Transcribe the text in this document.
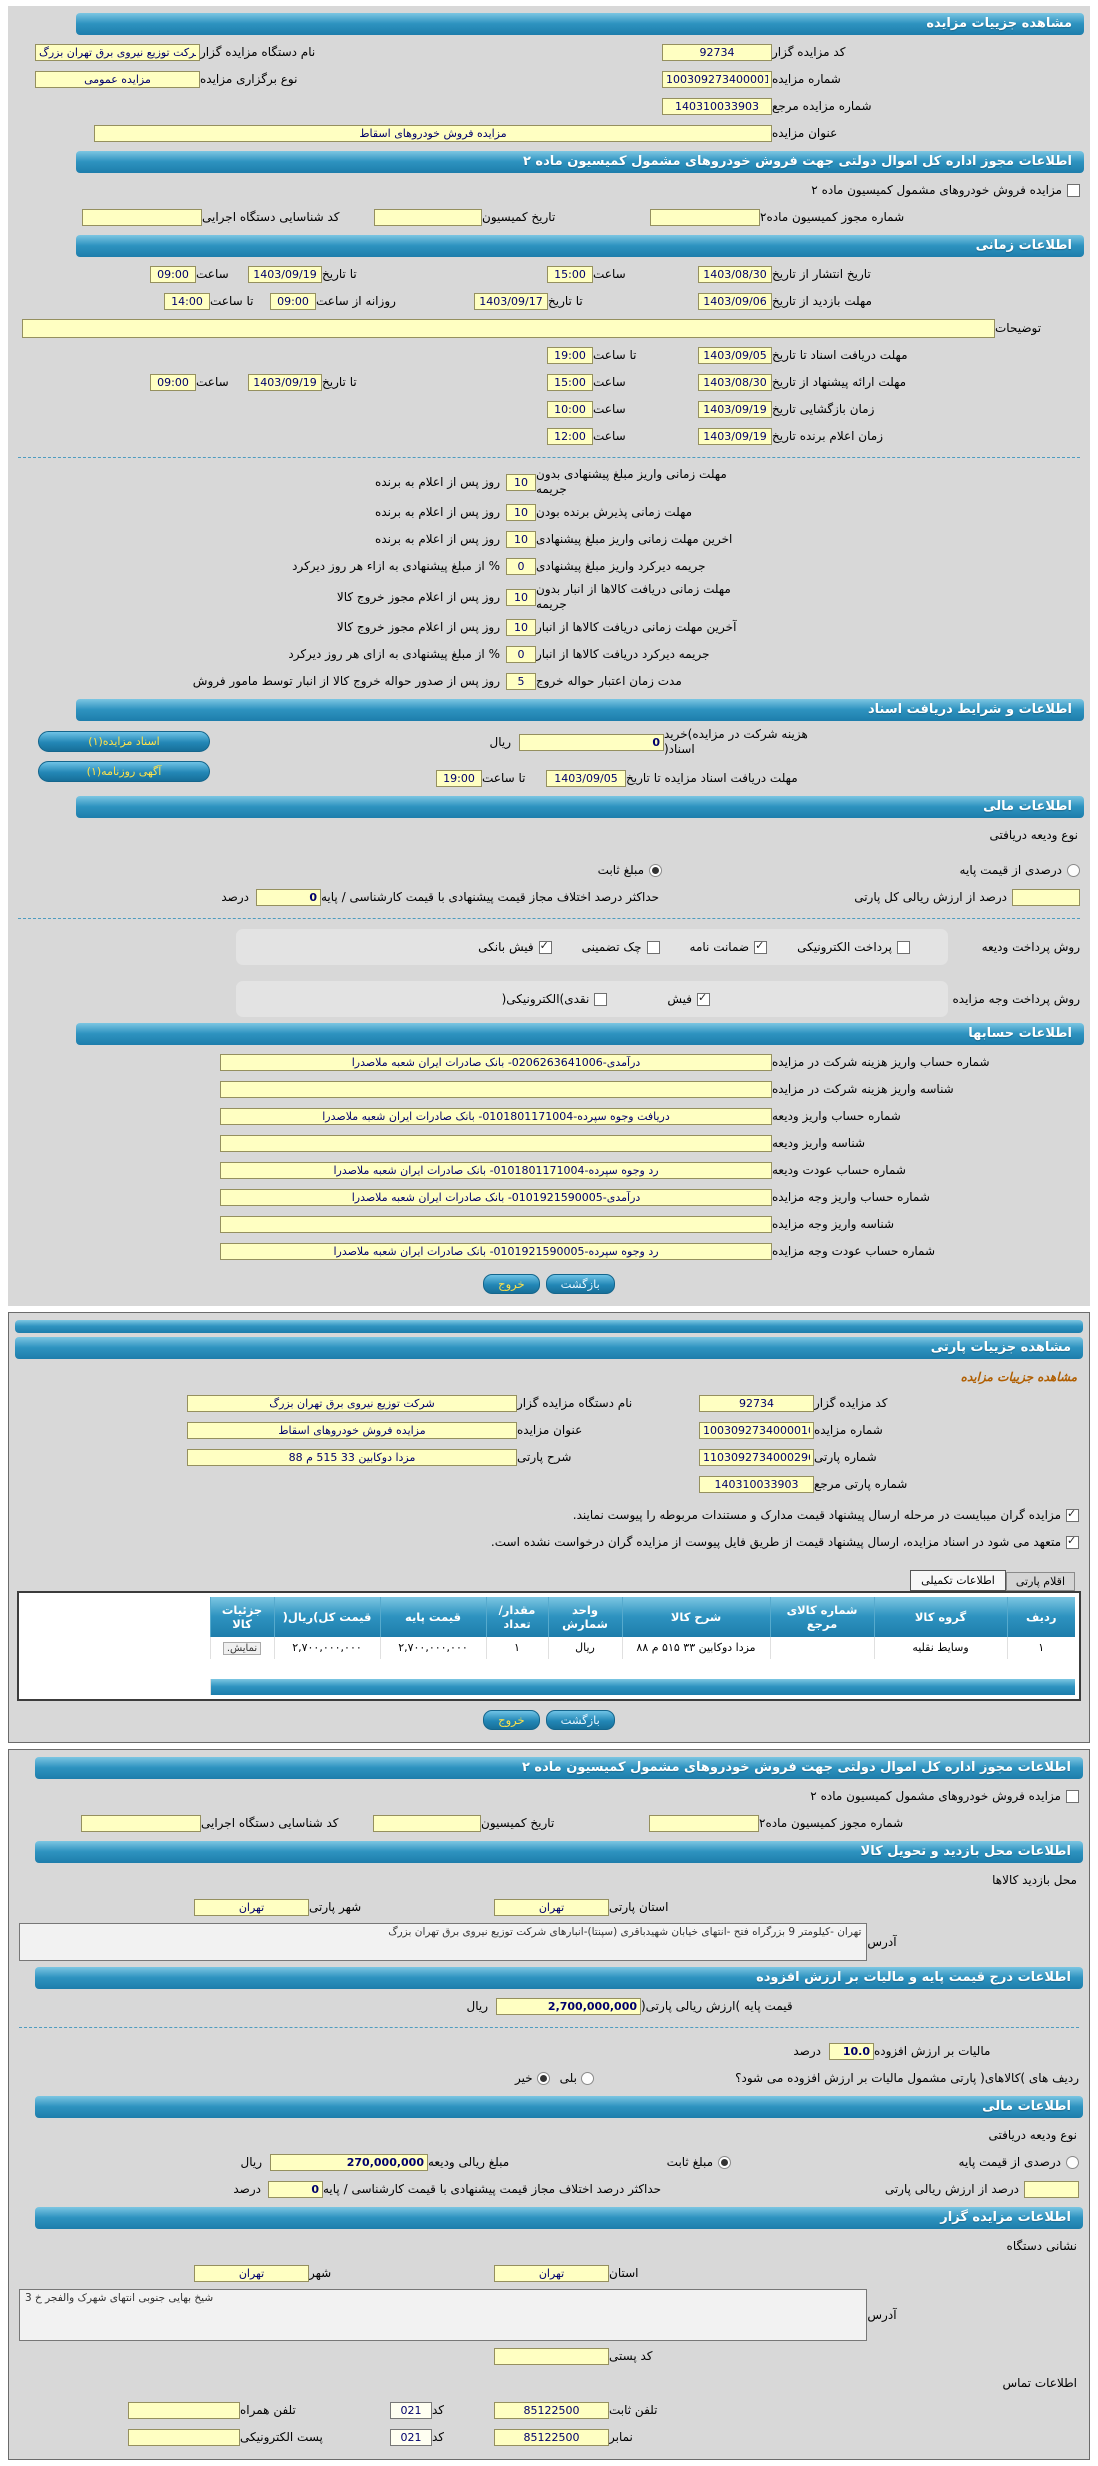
مشاهده جزییات مزایده
کد مزایده گزار
92734
نام دستگاه مزایده گزار
شرکت توزیع نیروی برق تهران بزرگ
شماره مزایده
1003092734000010
نوع برگزاری مزایده
مزایده عمومی
شماره مزایده مرجع
140310033903
عنوان مزایده
مزایده فروش خودروهای اسقاط
اطلاعات مجوز اداره کل اموال دولتی جهت فروش خودروهای مشمول کمیسیون ماده ۲
مزایده فروش خودروهای مشمول کمیسیون ماده ۲
شماره مجوز کمیسیون ماده۲
تاریخ کمیسیون
کد شناسایی دستگاه اجرایی
اطلاعات زمانی
تاریخ انتشار از تاریخ
1403/08/30
ساعت
15:00
تا تاریخ
1403/09/19
ساعت
09:00
مهلت بازدید از تاریخ
1403/09/06
تا تاریخ
1403/09/17
روزانه از ساعت
09:00
تا ساعت
14:00
توضیحات
مهلت دریافت اسناد تا تاریخ
1403/09/05
تا ساعت
19:00
مهلت ارائه پیشنهاد از تاریخ
1403/08/30
ساعت
15:00
تا تاریخ
1403/09/19
ساعت
09:00
زمان بازگشایی تاریخ
1403/09/19
ساعت
10:00
زمان اعلام برنده تاریخ
1403/09/19
ساعت
12:00
مهلت زمانی واریز مبلغ پیشنهادی بدون جریمه
10
روز پس از اعلام به برنده
مهلت زمانی پذیرش برنده بودن
10
روز پس از اعلام به برنده
اخرین مهلت زمانی واریز مبلغ پیشنهادی
10
روز پس از اعلام به برنده
جریمه دیرکرد واریز مبلغ پیشنهادی
0
% از مبلغ پیشنهادی به ازاء هر روز دیرکرد
مهلت زمانی دریافت کالاها از انبار بدون جریمه
10
روز پس از اعلام مجوز خروج کالا
آخرین مهلت زمانی دریافت کالاها از انبار
10
روز پس از اعلام مجوز خروج کالا
جریمه دیرکرد دریافت کالاها از انبار
0
% از مبلغ پیشنهادی به ازای هر روز دیرکرد
مدت زمان اعتبار حواله خروج
5
روز پس از صدور حواله خروج کالا از انبار توسط مامور فروش
اطلاعات و شرایط دریافت اسناد
اسناد مزایده(۱)
آگهی روزنامه(۱)
هزینه شرکت در مزایده)خرید اسناد(
0
ریال
مهلت دریافت اسناد مزایده تا تاریخ
1403/09/05
تا ساعت
19:00
اطلاعات مالی
نوع ودیعه دریافتی
درصدی از قیمت پایه
مبلغ ثابت
درصد از ارزش ریالی کل پارتی
حداکثر درصد اختلاف مجاز قیمت پیشنهادی با قیمت کارشناسی / پایه
0
درصد
روش پرداخت ودیعه
پرداخت الکترونیکی
✓
ضمانت نامه
چک تضمینی
✓
فیش بانکی
روش پرداخت وجه مزایده
✓
فیش
نقدی)الکترونیکی(
اطلاعات حسابها
شماره حساب واریز هزینه شرکت در مزایده
درآمدی-0206263641006- بانک صادرات ایران شعبه ملاصدرا
شناسه واریز هزینه شرکت در مزایده
شماره حساب واریز ودیعه
دریافت وجوه سپرده-0101801171004- بانک صادرات ایران شعبه ملاصدرا
شناسه واریز ودیعه
شماره حساب عودت ودیعه
رد وجوه سپرده-0101801171004- بانک صادرات ایران شعبه ملاصدرا
شماره حساب واریز وجه مزایده
درآمدی-0101921590005- بانک صادرات ایران شعبه ملاصدرا
شناسه واریز وجه مزایده
شماره حساب عودت وجه مزایده
رد وجوه سپرده-0101921590005- بانک صادرات ایران شعبه ملاصدرا
بازگشت
خروج
مشاهده جزییات پارتی
مشاهده جزییات مزایده
کد مزایده گزار
92734
نام دستگاه مزایده گزار
شرکت توزیع نیروی برق تهران بزرگ
شماره مزایده
1003092734000010
عنوان مزایده
مزایده فروش خودروهای اسقاط
شماره پارتی
1103092734000296
شرح پارتی
مزدا دوکابین 33 515 م 88
شماره پارتی مرجع
140310033903
✓
مزایده گران میبایست در مرحله ارسال پیشنهاد قیمت مدارک و مستندات مربوطه را پیوست نمایند.
✓
متعهد می شود در اسناد مزایده، ارسال پیشنهاد قیمت از طریق فایل پیوست از مزایده گران درخواست نشده است.
اقلام پارتی
اطلاعات تکمیلی
ردیف	گروه کالا	شماره کالای مرجع	شرح کالا	واحد شمارش	مقدار/ تعداد	قیمت پایه	قیمت کل)ریال(	جزئیات کالا	
۱	وسایط نقلیه		مزدا دوکابین ۳۳ ۵۱۵ م ۸۸	ریال	۱	۲,۷۰۰,۰۰۰,۰۰۰	۲,۷۰۰,۰۰۰,۰۰۰	نمایش.	

بازگشت
خروج
اطلاعات مجوز اداره کل اموال دولتی جهت فروش خودروهای مشمول کمیسیون ماده ۲
مزایده فروش خودروهای مشمول کمیسیون ماده ۲
شماره مجوز کمیسیون ماده۲
تاریخ کمیسیون
کد شناسایی دستگاه اجرایی
اطلاعات محل بازدید و تحویل کالا
محل بازدید کالاها
استان پارتی
تهران
شهر پارتی
تهران
آدرس
تهران -کیلومتر 9 بزرگراه فتح -انتهای خیابان شهیدباقری (سپنتا)-انبارهای شرکت توزیع نیروی برق تهران بزرگ
اطلاعات درج قیمت پایه و مالیات بر ارزش افزوده
قیمت پایه )ارزش ریالی پارتی(
2,700,000,000
ریال
مالیات بر ارزش افزوده
10.0
درصد
ردیف های )کالاهای( پارتی مشمول مالیات بر ارزش افزوده می شود؟
بلی
خیر
اطلاعات مالی
نوع ودیعه دریافتی
درصدی از قیمت پایه
مبلغ ثابت
مبلغ ریالی ودیعه
270,000,000
ریال
درصد از ارزش ریالی پارتی
حداکثر درصد اختلاف مجاز قیمت پیشنهادی با قیمت کارشناسی / پایه
0
درصد
اطلاعات مزایده گزار
نشانی دستگاه
استان
تهران
شهر
تهران
آدرس
شیخ بهایی جنوبی انتهای شهرک والفجر خ 3
کد پستی
اطلاعات تماس
تلفن ثابت
85122500
کد
021
تلفن همراه
نمابر
85122500
کد
021
پست الکترونیکی
